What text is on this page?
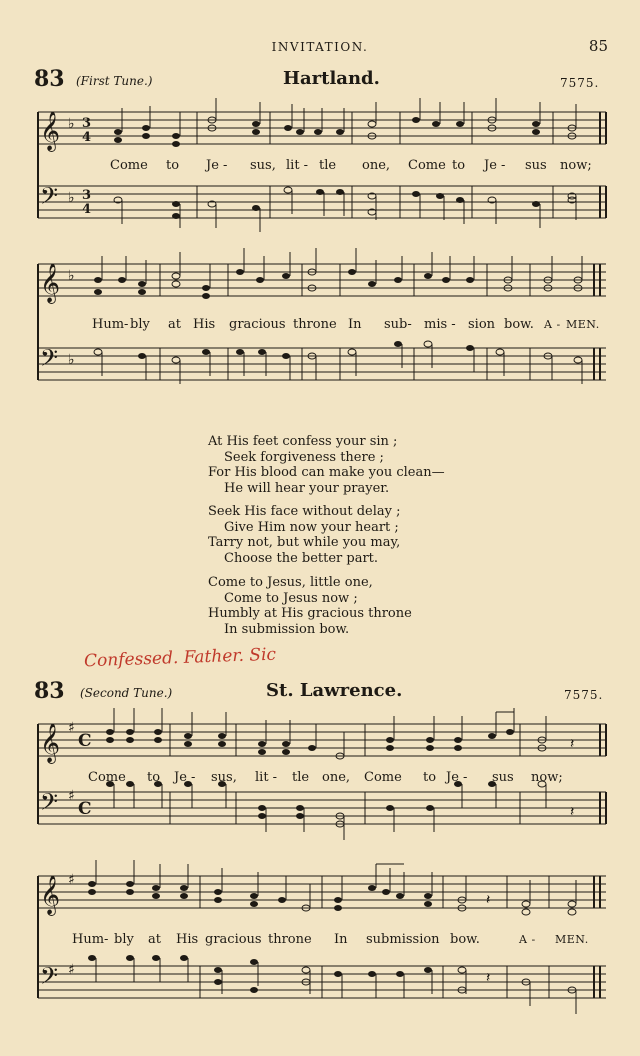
INVITATION.	85
83 (First Tune.)	Hartland.	7575.
𝄞
𝄢
♭
♭
3
4
3
4
Come to Je - sus, lit - tle one, Come to Je - sus now;
𝄞
𝄢
♭
♭
Hum- bly at His gracious throne In sub- mis - sion bow. A - MEN.
At His feet confess your sin ;
Seek forgiveness there ;
For His blood can make you clean—
He will hear your prayer.
Seek His face without delay ;
Give Him now your heart ;
Tarry not, but while you may,
Choose the better part.
Come to Jesus, little one,
Come to Jesus now ;
Humbly at His gracious throne
In submission bow.
Confessed. Father. Sic
83 (Second Tune.)	St. Lawrence.	7575.
𝄞
𝄢
♯
♯
C
C
𝄽
𝄽
Come to Je - sus, lit - tle one, Come to Je - sus now;
𝄞
𝄢
♯
♯
𝄽
𝄽
Hum- bly at His gracious throne In submission bow.	A - MEN.
